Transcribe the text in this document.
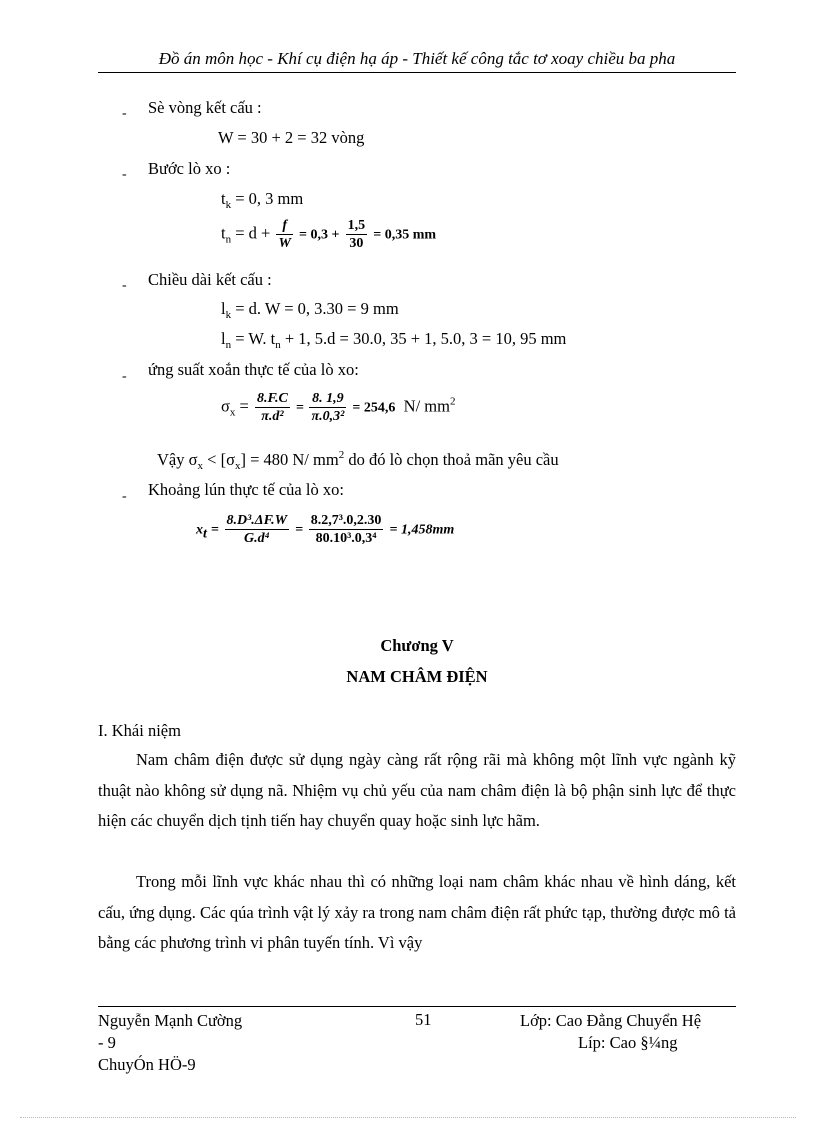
Đồ án môn học - Khí cụ điện hạ áp - Thiết kế công tắc tơ xoay chiều ba pha
- Sè vòng kết cấu :
W = 30 + 2 = 32 vòng
- Bước lò xo :
$t_k = 0$, 3 mm
$t_n = d + \frac{f}{W} = 0,3 + \frac{1,5}{30} = 0,35$ mm
- Chiều dài kết cấu :
$l_k = d$. W = 0, 3.30 = 9 mm
$l_n = W$. $t_n + 1$, 5.d = 30.0, 35 + 1, 5.0, 3 = 10, 95 mm
- ứng suất xoắn thực tế của lò xo:
$\sigma_x = \frac{8.F.C}{\text{π.d²}} = \frac{8. 1,9}{\text{π.0,3²}} = 254,6$ N/ $mm^2$
Vậy $\sigma_x < [\sigma_x] = 480$ N/ $mm^2$ do đó lò chọn thoả mãn yêu cầu
- Khoảng lún thực tế của lò xo:
$x_t = \frac{\text{8.D³.ΔF.W}}{\text{G.d⁴}} = \frac{\text{8.2,7³.0,2.30}}{\text{80.10³.0,3⁴}} = 1,458mm$
Chương V
NAM CHÂM ĐIỆN
I. Khái niệm
Nam châm điện được sử dụng ngày càng rất rộng rãi mà không một lĩnh vực ngành kỹ thuật nào không sử dụng nã. Nhiệm vụ chủ yếu của nam châm điện là bộ phận sinh lực để thực hiện các chuyển dịch tịnh tiến hay chuyển quay hoặc sinh lực hãm.
Trong mỗi lĩnh vực khác nhau thì có những loại nam châm khác nhau về hình dáng, kết cấu, ứng dụng. Các qúa trình vật lý xảy ra trong nam châm điện rất phức tạp, thường được mô tả bằng các phương trình vi phân tuyến tính. Vì vậy
Nguyễn Mạnh Cường
- 9
ChuyÓn HÖ-9
51	Lớp: Cao Đẳng Chuyển Hệ
Líp: Cao §¼ng
